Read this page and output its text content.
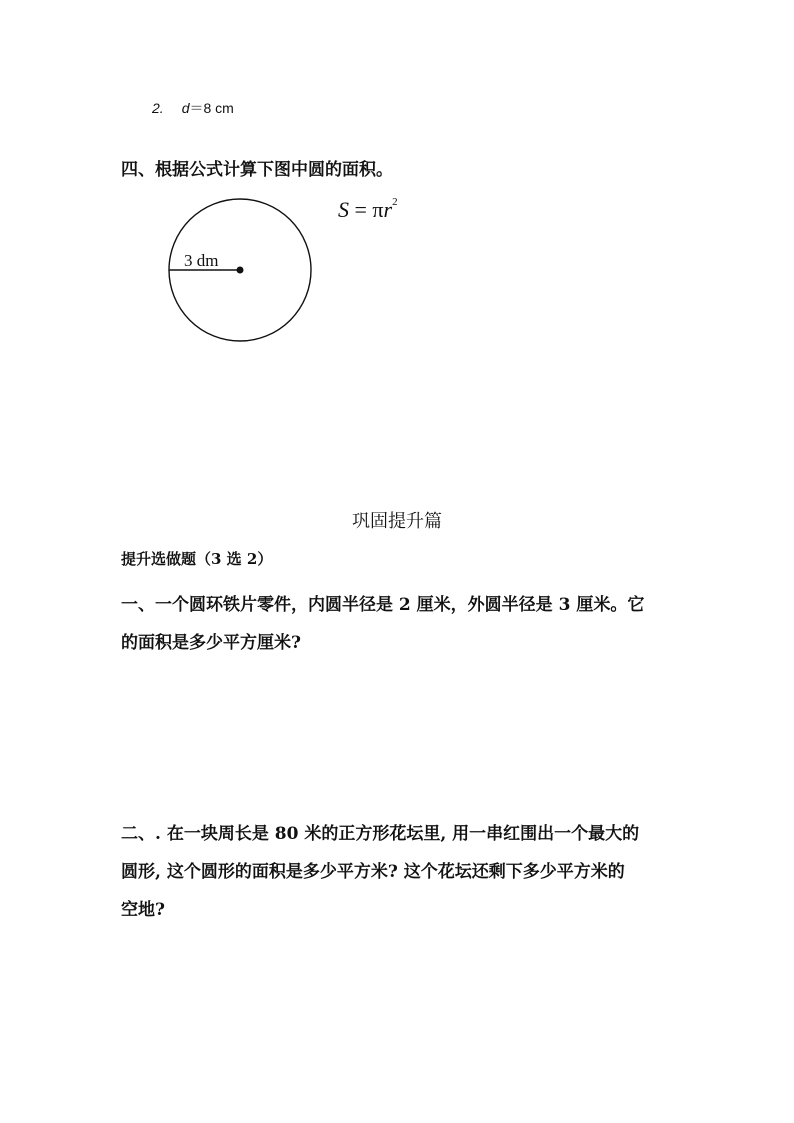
2. d＝8 cm
四、根据公式计算下图中圆的面积。
$S = \pi r^2$
3 dm
巩固提升篇
提升选做题（3 选 2）
一、一个圆环铁片零件，内圆半径是 2 厘米，外圆半径是 3 厘米。它
的面积是多少平方厘米?
二、. 在一块周长是 80 米的正方形花坛里, 用一串红围出一个最大的
圆形, 这个圆形的面积是多少平方米? 这个花坛还剩下多少平方米的
空地?
